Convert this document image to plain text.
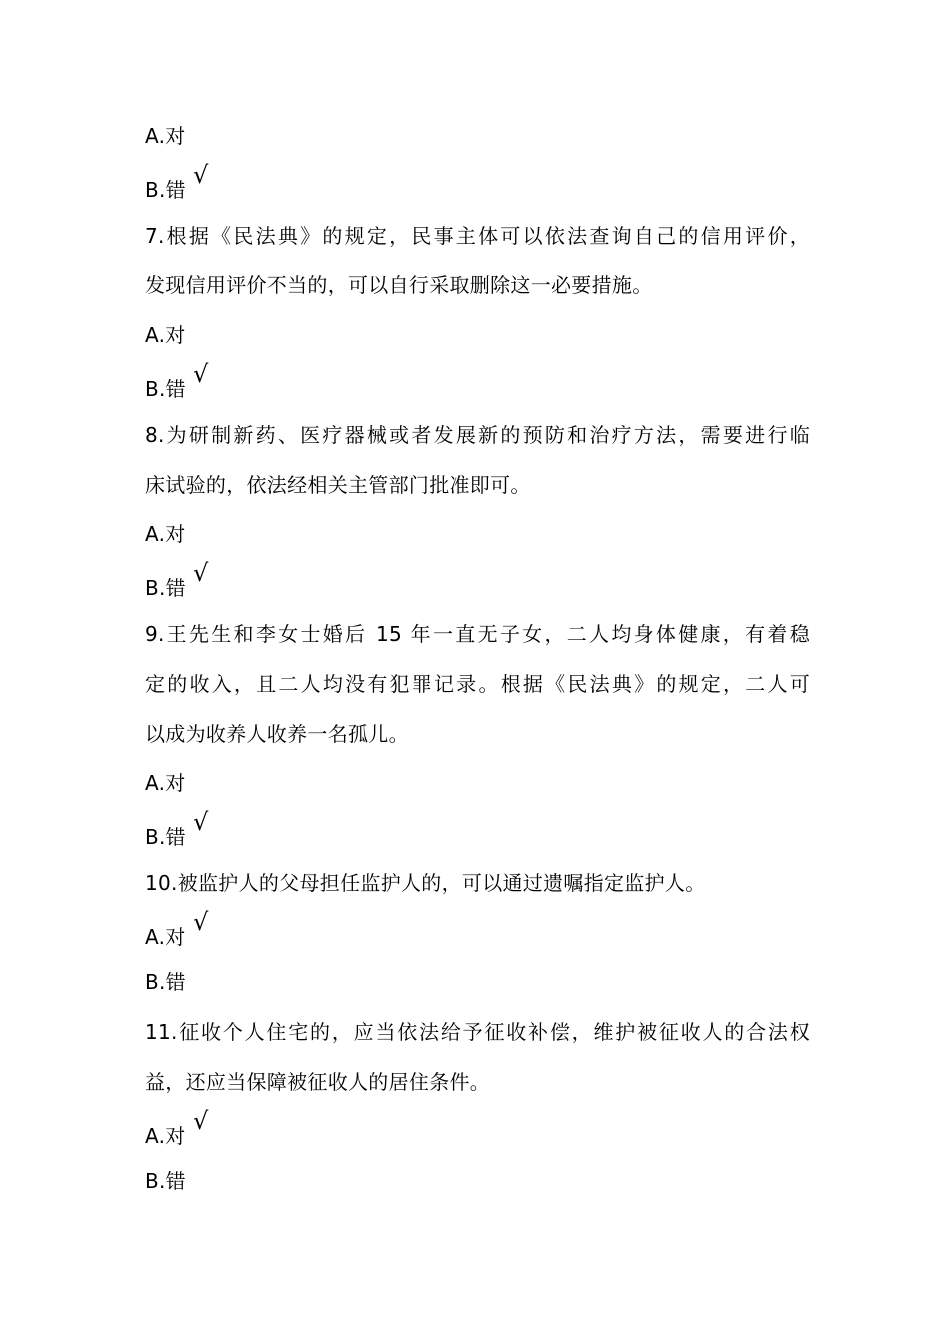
A.对
B.错
√
7.根据《民法典》的规定，民事主体可以依法查询自己的信用评价，
发现信用评价不当的，可以自行采取删除这一必要措施。
A.对
B.错
√
8.为研制新药、医疗器械或者发展新的预防和治疗方法，需要进行临
床试验的，依法经相关主管部门批准即可。
A.对
B.错
√
9.王先生和李女士婚后 15 年一直无子女，二人均身体健康，有着稳
定的收入，且二人均没有犯罪记录。根据《民法典》的规定，二人可
以成为收养人收养一名孤儿。
A.对
B.错
√
10.被监护人的父母担任监护人的，可以通过遗嘱指定监护人。
A.对
√
B.错
11.征收个人住宅的，应当依法给予征收补偿，维护被征收人的合法权
益，还应当保障被征收人的居住条件。
A.对
√
B.错
